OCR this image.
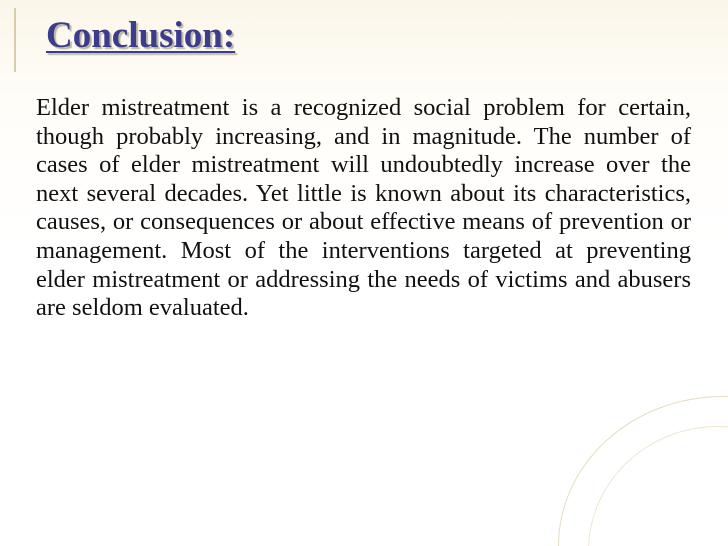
Conclusion:

Elder mistreatment is a recognized social problem for certain, though probably increasing, and in magnitude. The number of cases of elder mistreatment will undoubtedly increase over the next several decades. Yet little is known about its characteristics, causes, or consequences or about effective means of prevention or management. Most of the interventions targeted at preventing elder mistreatment or addressing the needs of victims and abusers are seldom evaluated.
